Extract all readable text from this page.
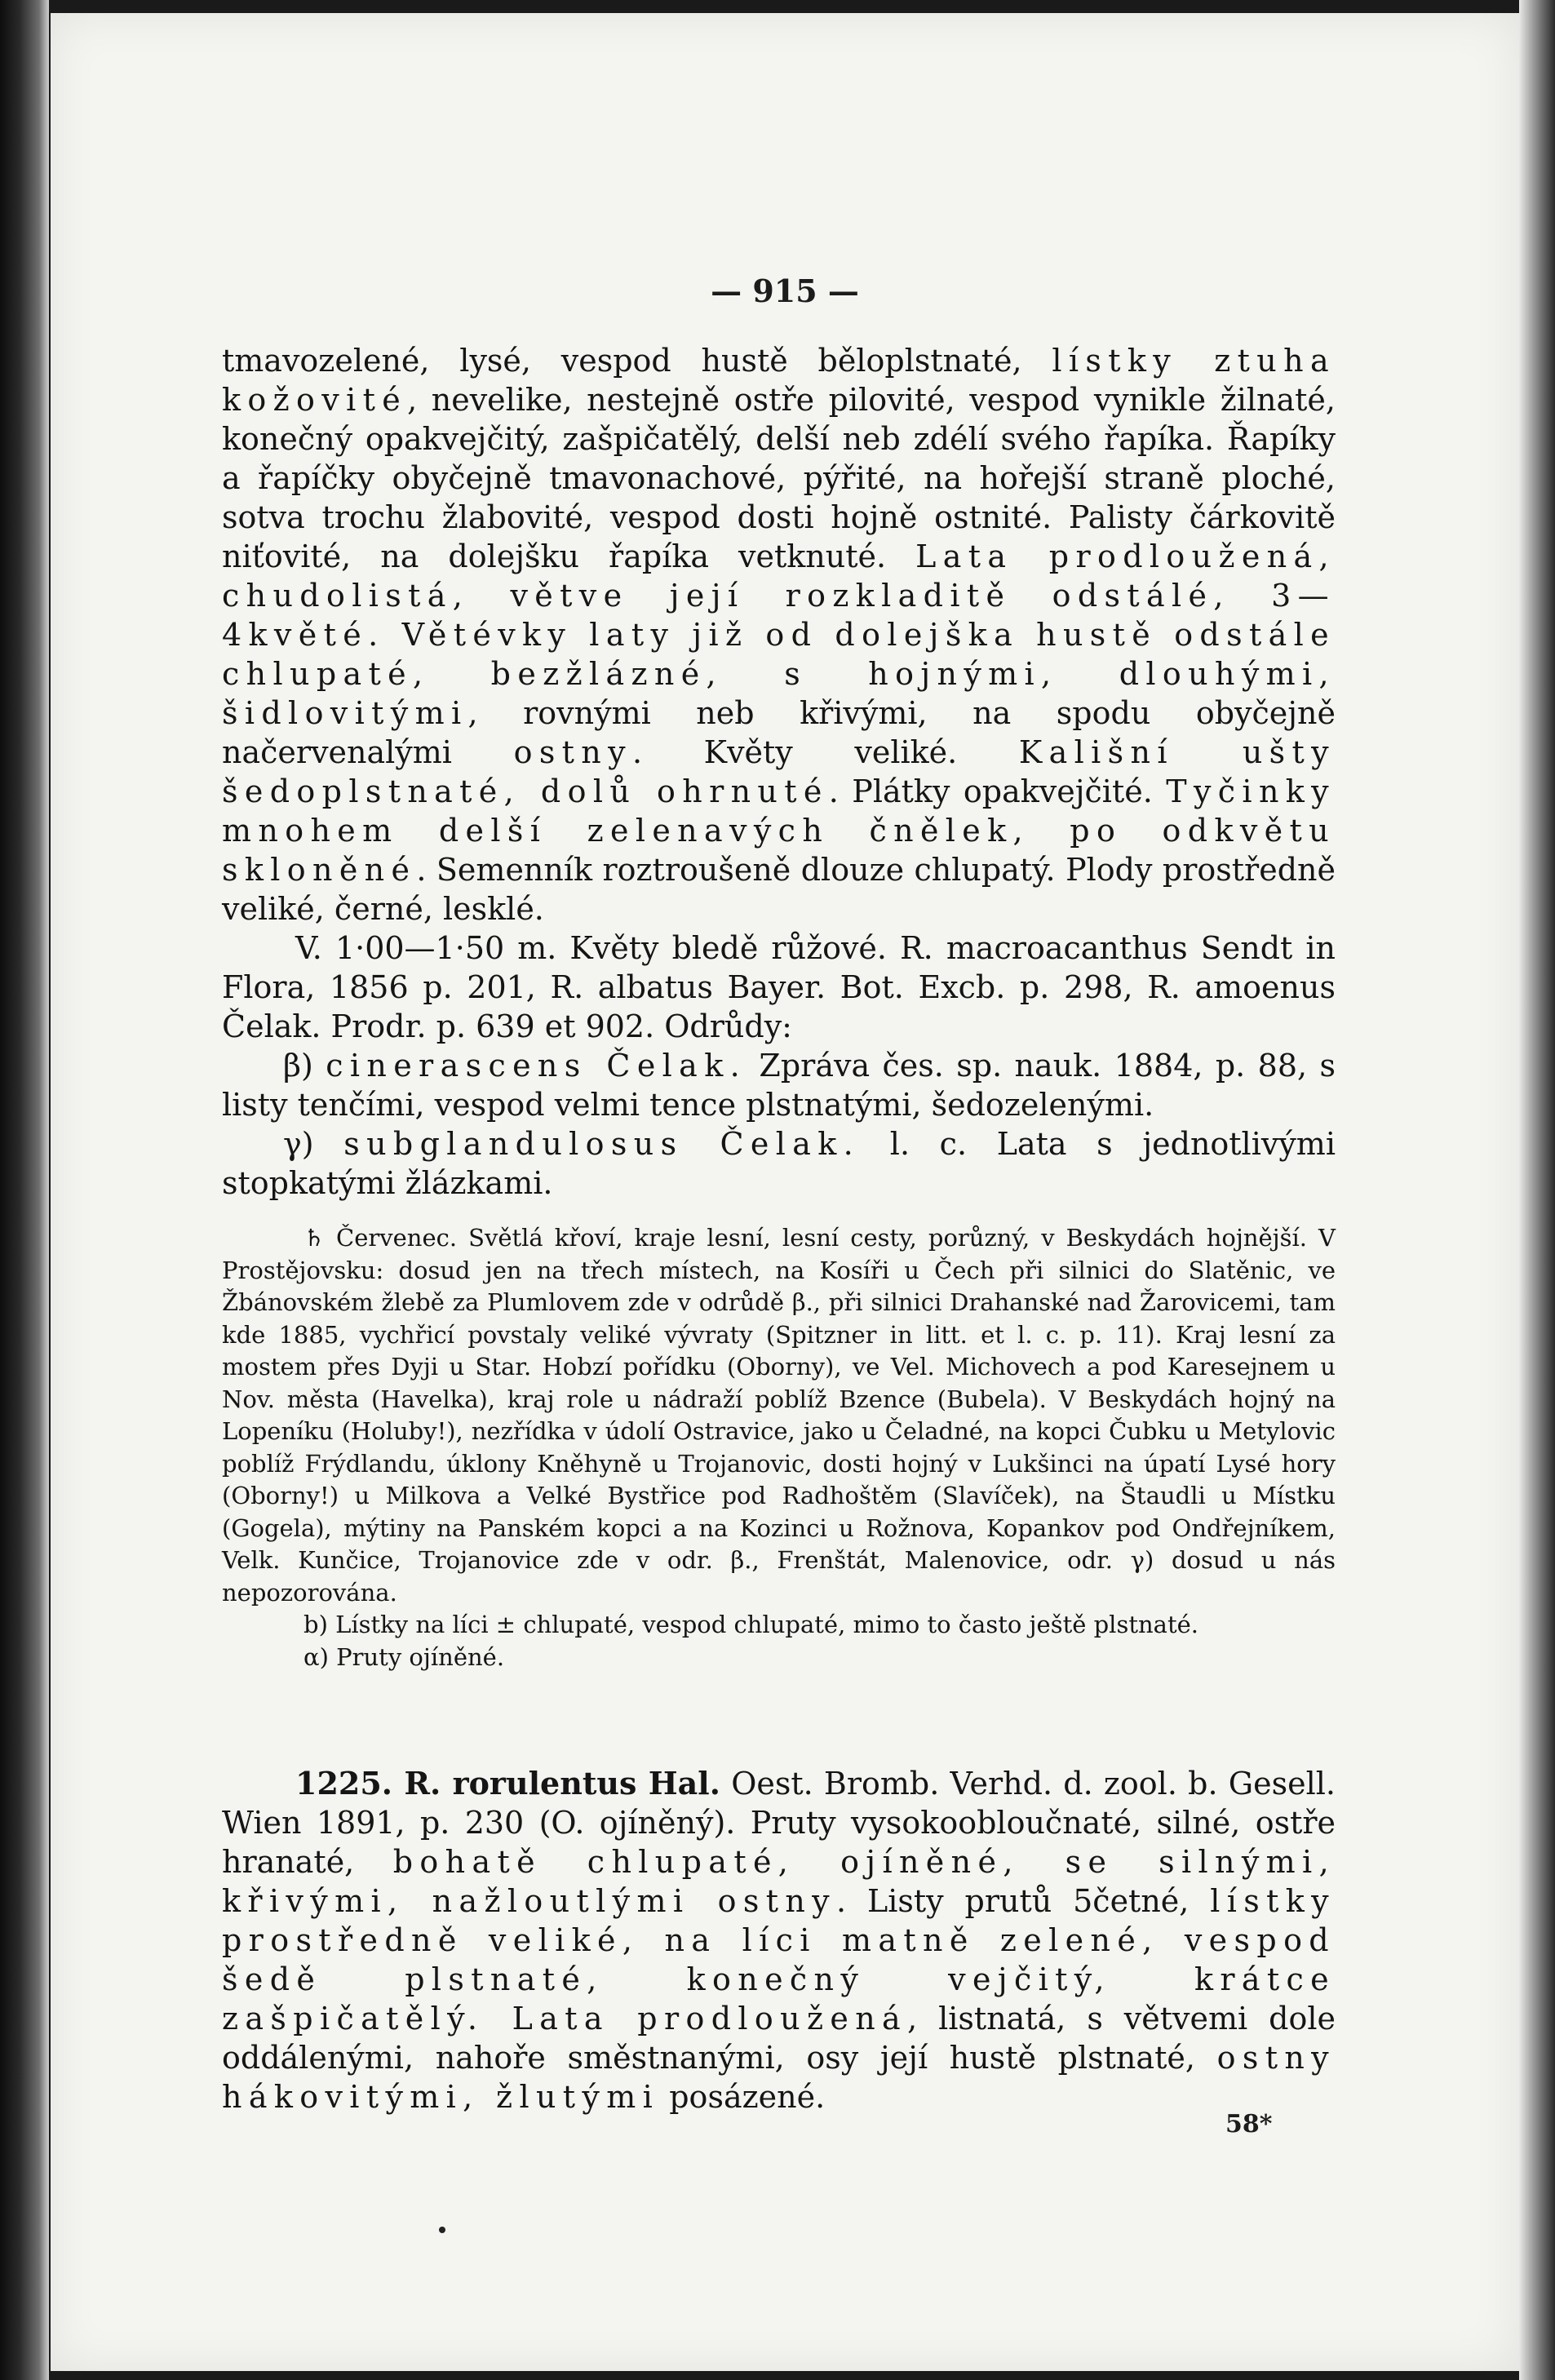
— 915 —

tmavozelené, lysé, vespod hustě běloplstnaté, lístky ztuha kožovité, nevelike, nestejně ostře pilovité, vespod vynikle žilnaté, konečný opakvejčitý, zašpičatělý, delší neb zdélí svého řapíka. Řapíky a řapíčky obyčejně tmavonachové, pýřité, na hořejší straně ploché, sotva trochu žlabovité, vespod dosti hojně ostnité. Palisty čárkovitě niťovité, na dolejšku řapíka vetknuté. Lata prodloužená, chudolistá, větve její rozkladitě odstálé, 3—4květé. Větévky laty již od dolejška hustě odstále chlupaté, bezžlázné, s hojnými, dlouhými, šidlovitými, rovnými neb křivými, na spodu obyčejně načervenalými ostny. Květy veliké. Kališní ušty šedoplstnaté, dolů ohrnuté. Plátky opakvejčité. Tyčinky mnohem delší zelenavých čnělek, po odkvětu skloněné. Semenník roztroušeně dlouze chlupatý. Plody prostředně veliké, černé, lesklé.

V. 1·00—1·50 m. Květy bledě růžové. R. macroacanthus Sendt in Flora, 1856 p. 201, R. albatus Bayer. Bot. Excb. p. 298, R. amoenus Čelak. Prodr. p. 639 et 902. Odrůdy:

β) cinerascens Čelak. Zpráva čes. sp. nauk. 1884, p. 88, s listy tenčími, vespod velmi tence plstnatými, šedozelenými.

γ) subglandulosus Čelak. l. c. Lata s jednotlivými stopkatými žlázkami.

♄ Červenec. Světlá křoví, kraje lesní, lesní cesty, porůzný, v Beskydách hojnější. V Prostějovsku: dosud jen na třech místech, na Kosíři u Čech při silnici do Slatěnic, ve Žbánovském žlebě za Plumlovem zde v odrůdě β., při silnici Drahanské nad Žarovicemi, tam kde 1885, vychřicí povstaly veliké vývraty (Spitzner in litt. et l. c. p. 11). Kraj lesní za mostem přes Dyji u Star. Hobzí pořídku (Oborny), ve Vel. Michovech a pod Karesejnem u Nov. města (Havelka), kraj role u nádraží poblíž Bzence (Bubela). V Beskydách hojný na Lopeníku (Holuby!), nezřídka v údolí Ostravice, jako u Čeladné, na kopci Čubku u Metylovic poblíž Frýdlandu, úklony Kněhyně u Trojanovic, dosti hojný v Lukšinci na úpatí Lysé hory (Oborny!) u Milkova a Velké Bystřice pod Radhoštěm (Slavíček), na Štaudli u Místku (Gogela), mýtiny na Panském kopci a na Kozinci u Rožnova, Kopankov pod Ondřejníkem, Velk. Kunčice, Trojanovice zde v odr. β., Frenštát, Malenovice, odr. γ) dosud u nás nepozorována.

b) Lístky na líci ± chlupaté, vespod chlupaté, mimo to často ještě plstnaté.

α) Pruty ojíněné.

1225. R. rorulentus Hal. Oest. Bromb. Verhd. d. zool. b. Gesell. Wien 1891, p. 230 (O. ojíněný). Pruty vysokoobloučnaté, silné, ostře hranaté, bohatě chlupaté, ojíněné, se silnými, křivými, nažloutlými ostny. Listy prutů 5četné, lístky prostředně veliké, na líci matně zelené, vespod šedě plstnaté, konečný vejčitý, krátce zašpičatělý. Lata prodloužená, listnatá, s větvemi dole oddálenými, nahoře směstnanými, osy její hustě plstnaté, ostny hákovitými, žlutými posázené.

58*
